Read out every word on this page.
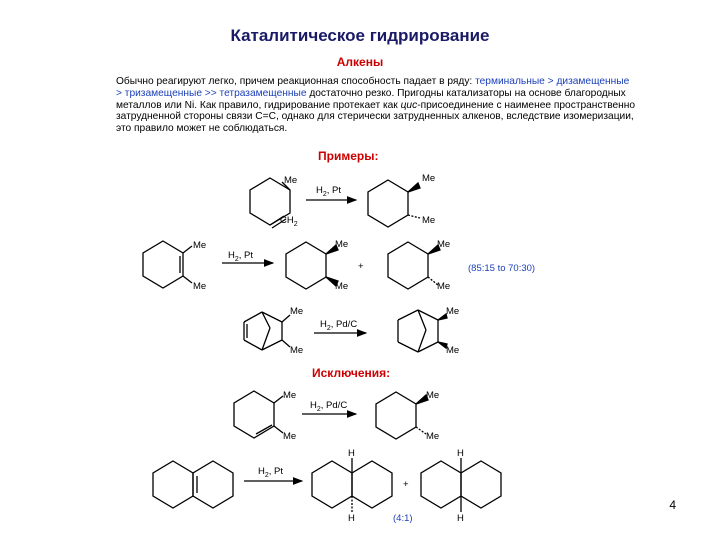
Каталитическое гидрирование
Алкены
Обычно реагируют легко, причем реакционная способность падает в ряду: терминальные > дизамещенные > тризамещенные >> тетразамещенные достаточно резко. Пригодны катализаторы на основе благородных металлов или Ni. Как правило, гидрирование протекает как цис-присоединение с наименее пространственно затрудненной стороны связи С=С, однако для стерически затрудненных алкенов, вследствие изомеризации, это правило может не соблюдаться.
Примеры:
Исключения:
4
Me
$CH_2$
$H_2$, Pt
Me
Me
Me
Me
$H_2$, Pt
Me
Me
+
Me
Me
(85:15 to 70:30)
Me
Me
$H_2$, Pd/C
Me
Me
Me
Me
$H_2$, Pd/C
Me
Me
$H_2$, Pt
H
H
+
H
H
(4:1)
